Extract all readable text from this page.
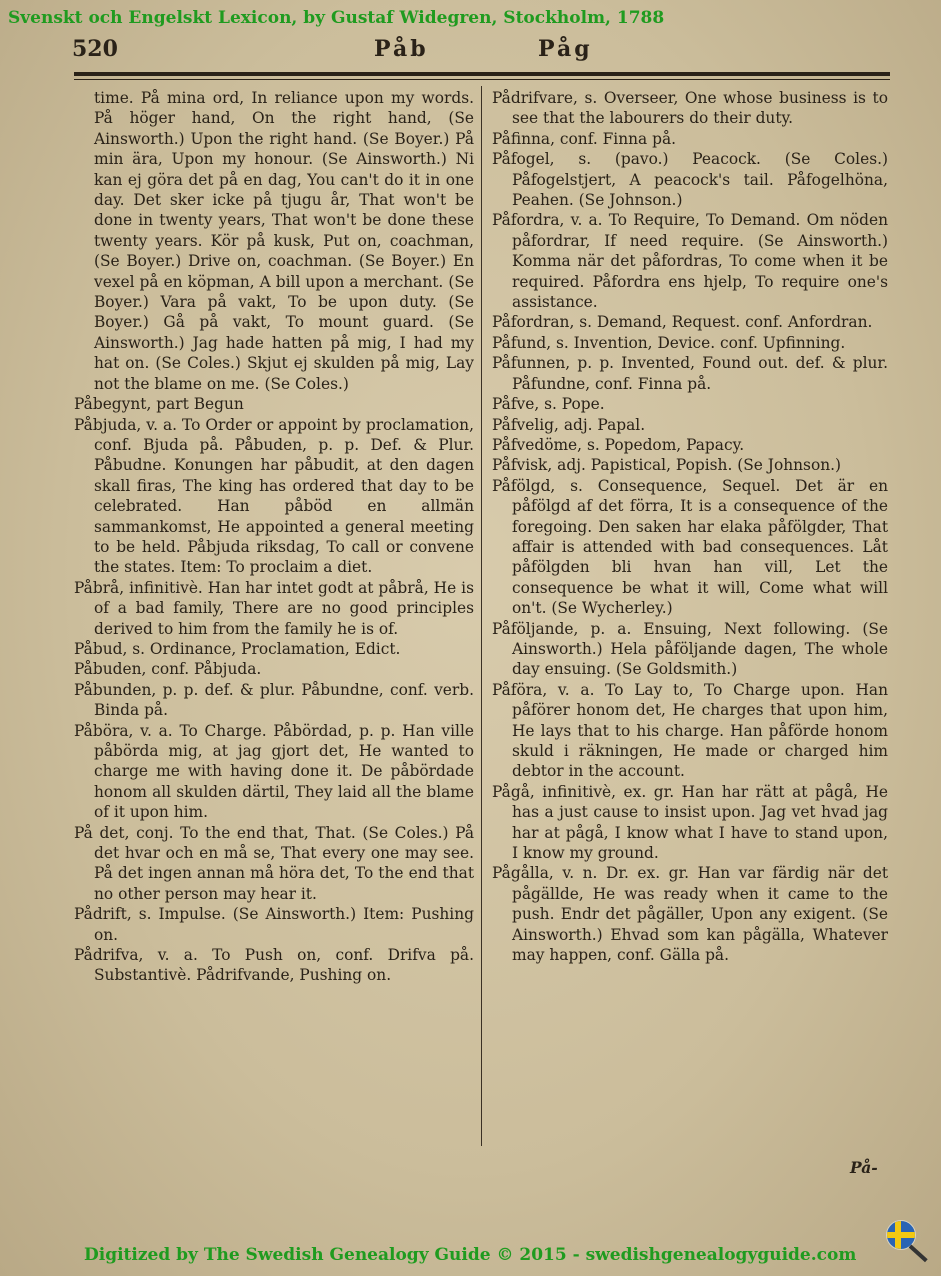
Svenskt och Engelskt Lexicon, by Gustaf Widegren, Stockholm, 1788
520	Påb	Påg

time. På mina ord, In reliance upon my words. På höger hand, On the right hand, (Se Ainsworth.) Upon the right hand. (Se Boyer.) På min ära, Upon my honour. (Se Ainsworth.) Ni kan ej göra det på en dag, You can't do it in one day. Det sker icke på tjugu år, That won't be done in twenty years, That won't be done these twenty years. Kör på kusk, Put on, coachman, (Se Boyer.) Drive on, coachman. (Se Boyer.) En vexel på en köpman, A bill upon a merchant. (Se Boyer.) Vara på vakt, To be upon duty. (Se Boyer.) Gå på vakt, To mount guard. (Se Ainsworth.) Jag hade hatten på mig, I had my hat on. (Se Coles.) Skjut ej skulden på mig, Lay not the blame on me. (Se Coles.)

Påbegynt, part Begun

Påbjuda, v. a. To Order or appoint by proclamation, conf. Bjuda på. Påbuden, p. p. Def. & Plur. Påbudne. Konungen har påbudit, at den dagen skall firas, The king has ordered that day to be celebrated. Han påböd en allmän sammankomst, He appointed a general meeting to be held. Påbjuda riksdag, To call or convene the states. Item: To proclaim a diet.

Påbrå, infinitivè. Han har intet godt at påbrå, He is of a bad family, There are no good principles derived to him from the family he is of.

Påbud, s. Ordinance, Proclamation, Edict.

Påbuden, conf. Påbjuda.

Påbunden, p. p. def. & plur. Påbundne, conf. verb. Binda på.

Påböra, v. a. To Charge. Påbördad, p. p. Han ville påbörda mig, at jag gjort det, He wanted to charge me with having done it. De påbördade honom all skulden därtil, They laid all the blame of it upon him.

På det, conj. To the end that, That. (Se Coles.) På det hvar och en må se, That every one may see. På det ingen annan må höra det, To the end that no other person may hear it.

Pådrift, s. Impulse. (Se Ainsworth.) Item: Pushing on.

Pådrifva, v. a. To Push on, conf. Drifva på. Substantivè. Pådrifvande, Pushing on.

Pådrifvare, s. Overseer, One whose business is to see that the labourers do their duty.

Påfinna, conf. Finna på.

Påfogel, s. (pavo.) Peacock. (Se Coles.) Påfogelstjert, A peacock's tail. Påfogelhöna, Peahen. (Se Johnson.)

Påfordra, v. a. To Require, To Demand. Om nöden påfordrar, If need require. (Se Ainsworth.) Komma när det påfordras, To come when it be required. Påfordra ens hjelp, To require one's assistance.

Påfordran, s. Demand, Request. conf. Anfordran.

Påfund, s. Invention, Device. conf. Upfinning.

Påfunnen, p. p. Invented, Found out. def. & plur. Påfundne, conf. Finna på.

Påfve, s. Pope.

Påfvelig, adj. Papal.

Påfvedöme, s. Popedom, Papacy.

Påfvisk, adj. Papistical, Popish. (Se Johnson.)

Påfölgd, s. Consequence, Sequel. Det är en påfölgd af det förra, It is a consequence of the foregoing. Den saken har elaka påfölgder, That affair is attended with bad consequences. Låt påfölgden bli hvan han vill, Let the consequence be what it will, Come what will on't. (Se Wycherley.)

Påföljande, p. a. Ensuing, Next following. (Se Ainsworth.) Hela påföljande dagen, The whole day ensuing. (Se Goldsmith.)

Påföra, v. a. To Lay to, To Charge upon. Han påförer honom det, He charges that upon him, He lays that to his charge. Han påförde honom skuld i räkningen, He made or charged him debtor in the account.

Pågå, infinitivè, ex. gr. Han har rätt at pågå, He has a just cause to insist upon. Jag vet hvad jag har at pågå, I know what I have to stand upon, I know my ground.

Pågålla, v. n. Dr. ex. gr. Han var färdig när det pågällde, He was ready when it came to the push. Endr det pågäller, Upon any exigent. (Se Ainsworth.) Ehvad som kan pågälla, Whatever may happen, conf. Gälla på.

På-
Digitized by The Swedish Genealogy Guide © 2015 - swedishgenealogyguide.com
